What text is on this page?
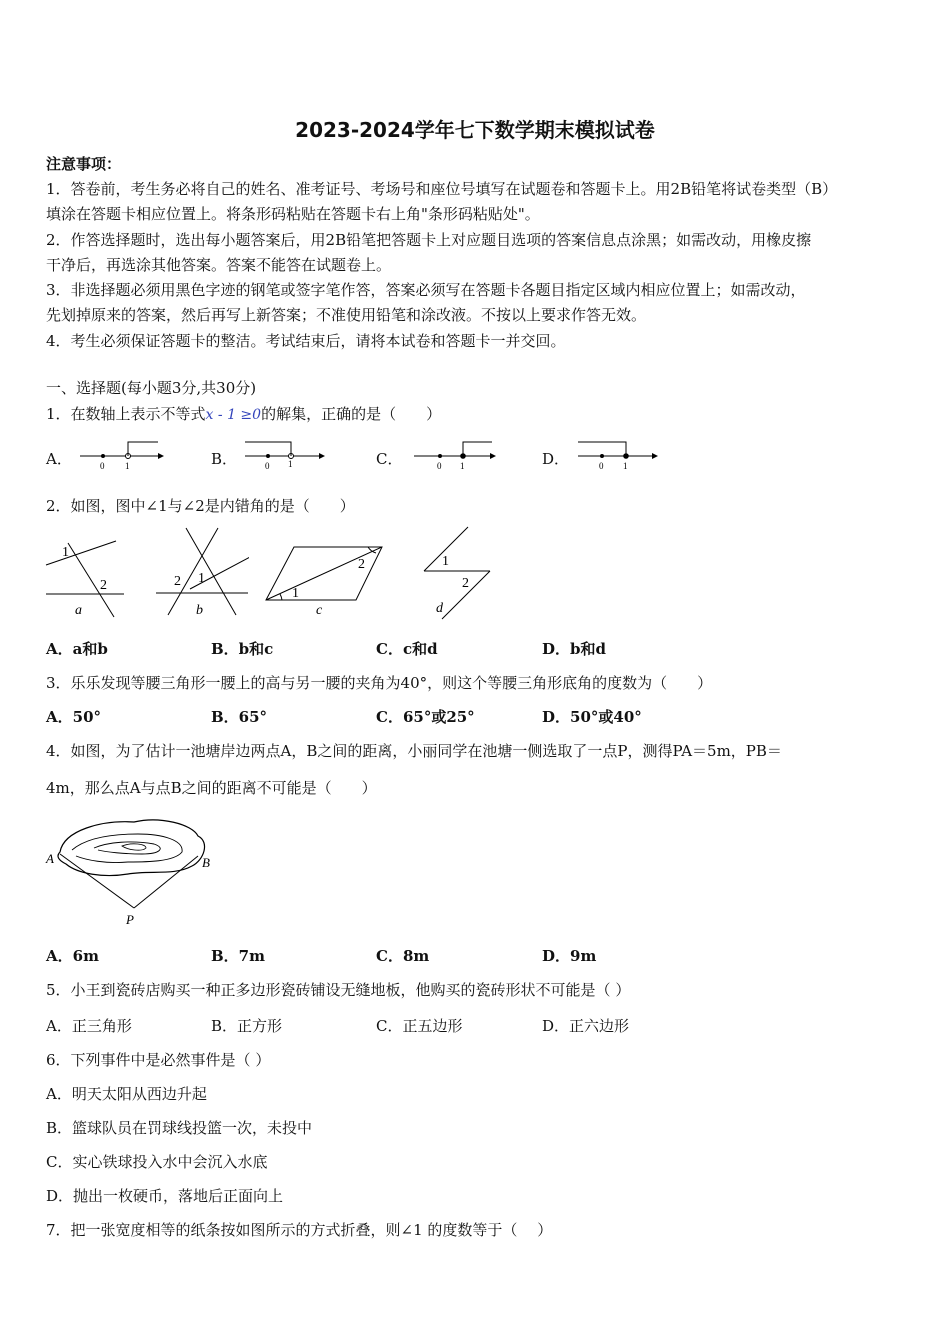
2023-2024学年七下数学期末模拟试卷
注意事项：
1．答卷前，考生务必将自己的姓名、准考证号、考场号和座位号填写在试题卷和答题卡上。用2B铅笔将试卷类型（B）
填涂在答题卡相应位置上。将条形码粘贴在答题卡右上角"条形码粘贴处"。
2．作答选择题时，选出每小题答案后，用2B铅笔把答题卡上对应题目选项的答案信息点涂黑；如需改动，用橡皮擦
干净后，再选涂其他答案。答案不能答在试题卷上。
3．非选择题必须用黑色字迹的钢笔或签字笔作答，答案必须写在答题卡各题目指定区域内相应位置上；如需改动，
先划掉原来的答案，然后再写上新答案；不准使用铅笔和涂改液。不按以上要求作答无效。
4．考生必须保证答题卡的整洁。考试结束后，请将本试卷和答题卡一并交回。
一、选择题(每小题3分,共30分)
1．在数轴上表示不等式x - 1 ≥0的解集，正确的是（　　）
A．	0 1	B．	0 1	C．	0 1	D．	0 1
2．如图，图中∠1与∠2是内错角的是（　　）
1
2
a
1
2
b
1
2
c
1
2
d
A．a和b	B．b和c	C．c和d	D．b和d
3．乐乐发现等腰三角形一腰上的高与另一腰的夹角为40°，则这个等腰三角形底角的度数为（　　）
A．50°	B．65°	C．65°或25°	D．50°或40°
4．如图，为了估计一池塘岸边两点A，B之间的距离，小丽同学在池塘一侧选取了一点P，测得PA＝5m，PB＝
4m，那么点A与点B之间的距离不可能是（　　）
A	B
P
A．6m	B．7m	C．8m	D．9m
5．小王到瓷砖店购买一种正多边形瓷砖铺设无缝地板，他购买的瓷砖形状不可能是（ ）
A．正三角形	B．正方形	C．正五边形	D．正六边形
6．下列事件中是必然事件是（ ）
A．明天太阳从西边升起
B．篮球队员在罚球线投篮一次，未投中
C．实心铁球投入水中会沉入水底
D．抛出一枚硬币，落地后正面向上
7．把一张宽度相等的纸条按如图所示的方式折叠，则∠1 的度数等于（　 ）
